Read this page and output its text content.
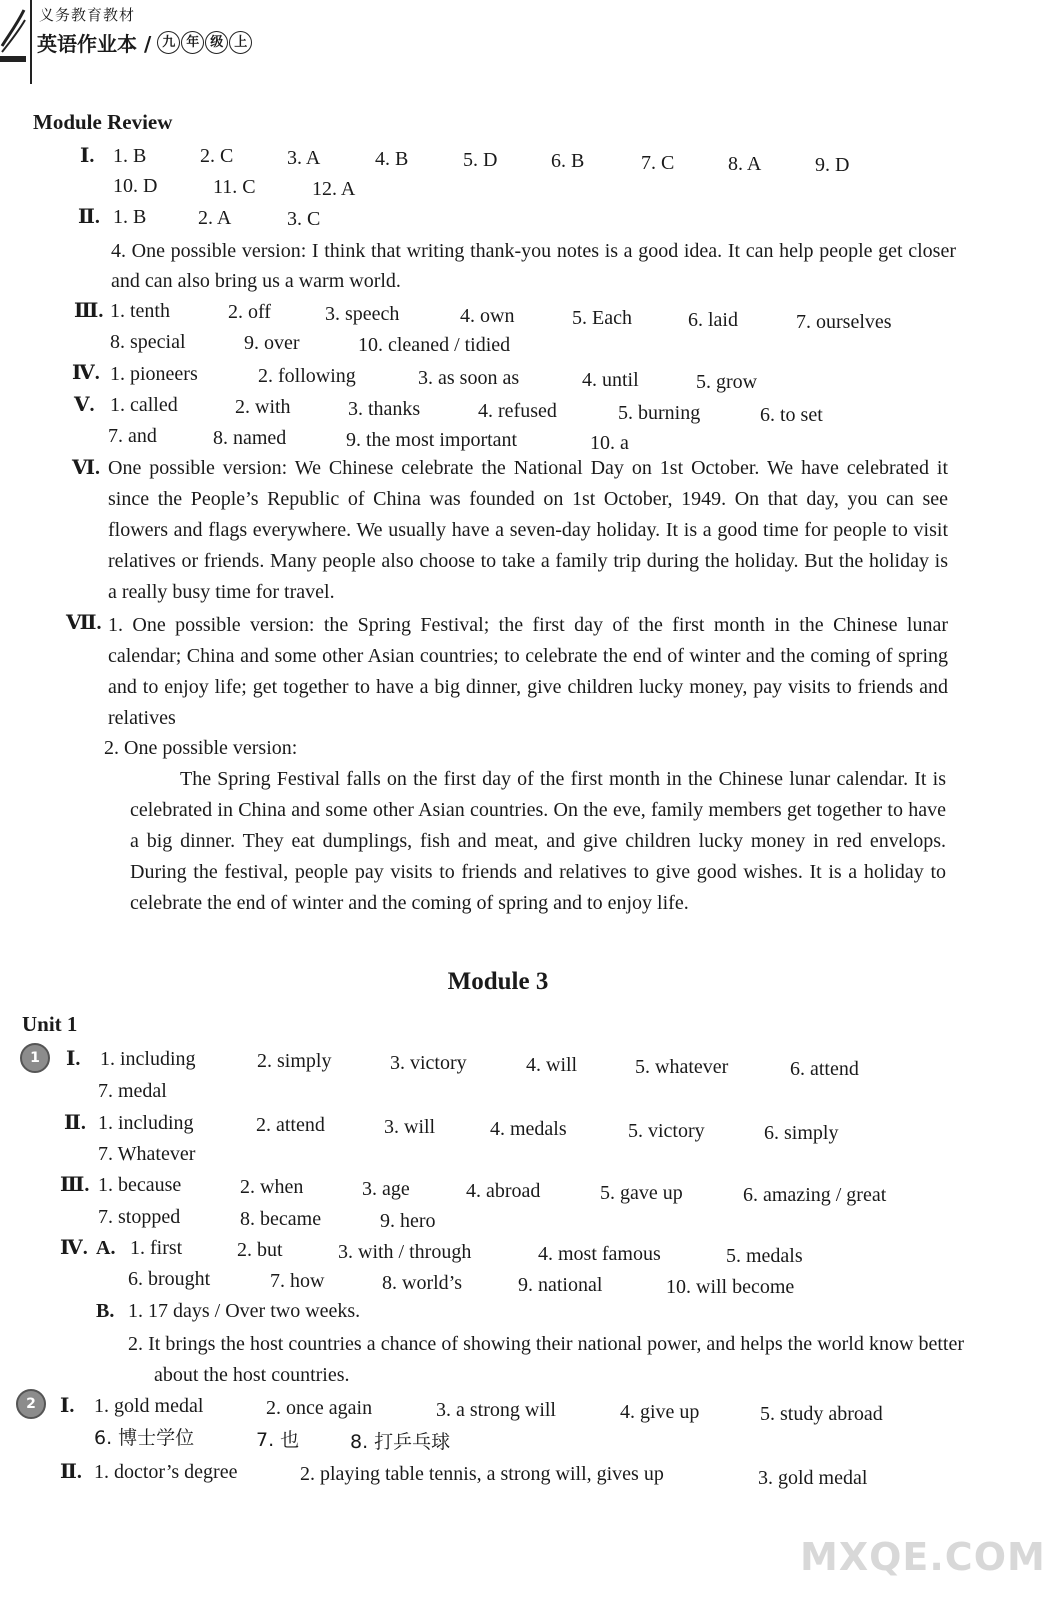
义务教育教材
英语作业本 / 九 年 级 上
Module Review
Ⅰ. 1. B	2. C	3. A	4. B	5. D	6. B	7. C	8. A	9. D
10. D	11. C	12. A
Ⅱ. 1. B	2. A	3. C
4. One possible version: I think that writing thank-you notes is a good idea. It can help people get closer and can also bring us a warm world.
Ⅲ. 1. tenth	2. off	3. speech	4. own	5. Each	6. laid	7. ourselves
8. special	9. over	10. cleaned / tidied
Ⅳ. 1. pioneers	2. following	3. as soon as	4. until	5. grow
Ⅴ. 1. called	2. with	3. thanks	4. refused	5. burning	6. to set
7. and	8. named	9. the most important	10. a
Ⅵ. One possible version: We Chinese celebrate the National Day on 1st October. We have celebrated it since the People’s Republic of China was founded on 1st October, 1949. On that day, you can see flowers and flags everywhere. We usually have a seven-day holiday. It is a good time for people to visit relatives or friends. Many people also choose to take a family trip during the holiday. But the holiday is a really busy time for travel.
Ⅶ. 1. One possible version: the Spring Festival; the first day of the first month in the Chinese lunar calendar; China and some other Asian countries; to celebrate the end of winter and the coming of spring and to enjoy life; get together to have a big dinner, give children lucky money, pay visits to friends and relatives
2. One possible version:
The Spring Festival falls on the first day of the first month in the Chinese lunar calendar. It is celebrated in China and some other Asian countries. On the eve, family members get together to have a big dinner. They eat dumplings, fish and meat, and give children lucky money in red envelops. During the festival, people pay visits to friends and relatives to give good wishes. It is a holiday to celebrate the end of winter and the coming of spring and to enjoy life.
Module 3
Unit 1
1	Ⅰ. 1. including	2. simply	3. victory	4. will	5. whatever	6. attend
7. medal
Ⅱ. 1. including	2. attend	3. will	4. medals	5. victory	6. simply
7. Whatever
Ⅲ. 1. because	2. when	3. age	4. abroad	5. gave up	6. amazing / great
7. stopped	8. became	9. hero
Ⅳ. A. 1. first	2. but	3. with / through	4. most famous	5. medals
6. brought	7. how	8. world’s	9. national	10. will become
B. 1. 17 days / Over two weeks.
2. It brings the host countries a chance of showing their national power, and helps the world know better about the host countries.
2	Ⅰ. 1. gold medal	2. once again	3. a strong will	4. give up	5. study abroad
6. 博士学位	7. 也	8. 打乒乓球
Ⅱ. 1. doctor’s degree	2. playing table tennis, a strong will, gives up	3. gold medal
MXQE.COM
